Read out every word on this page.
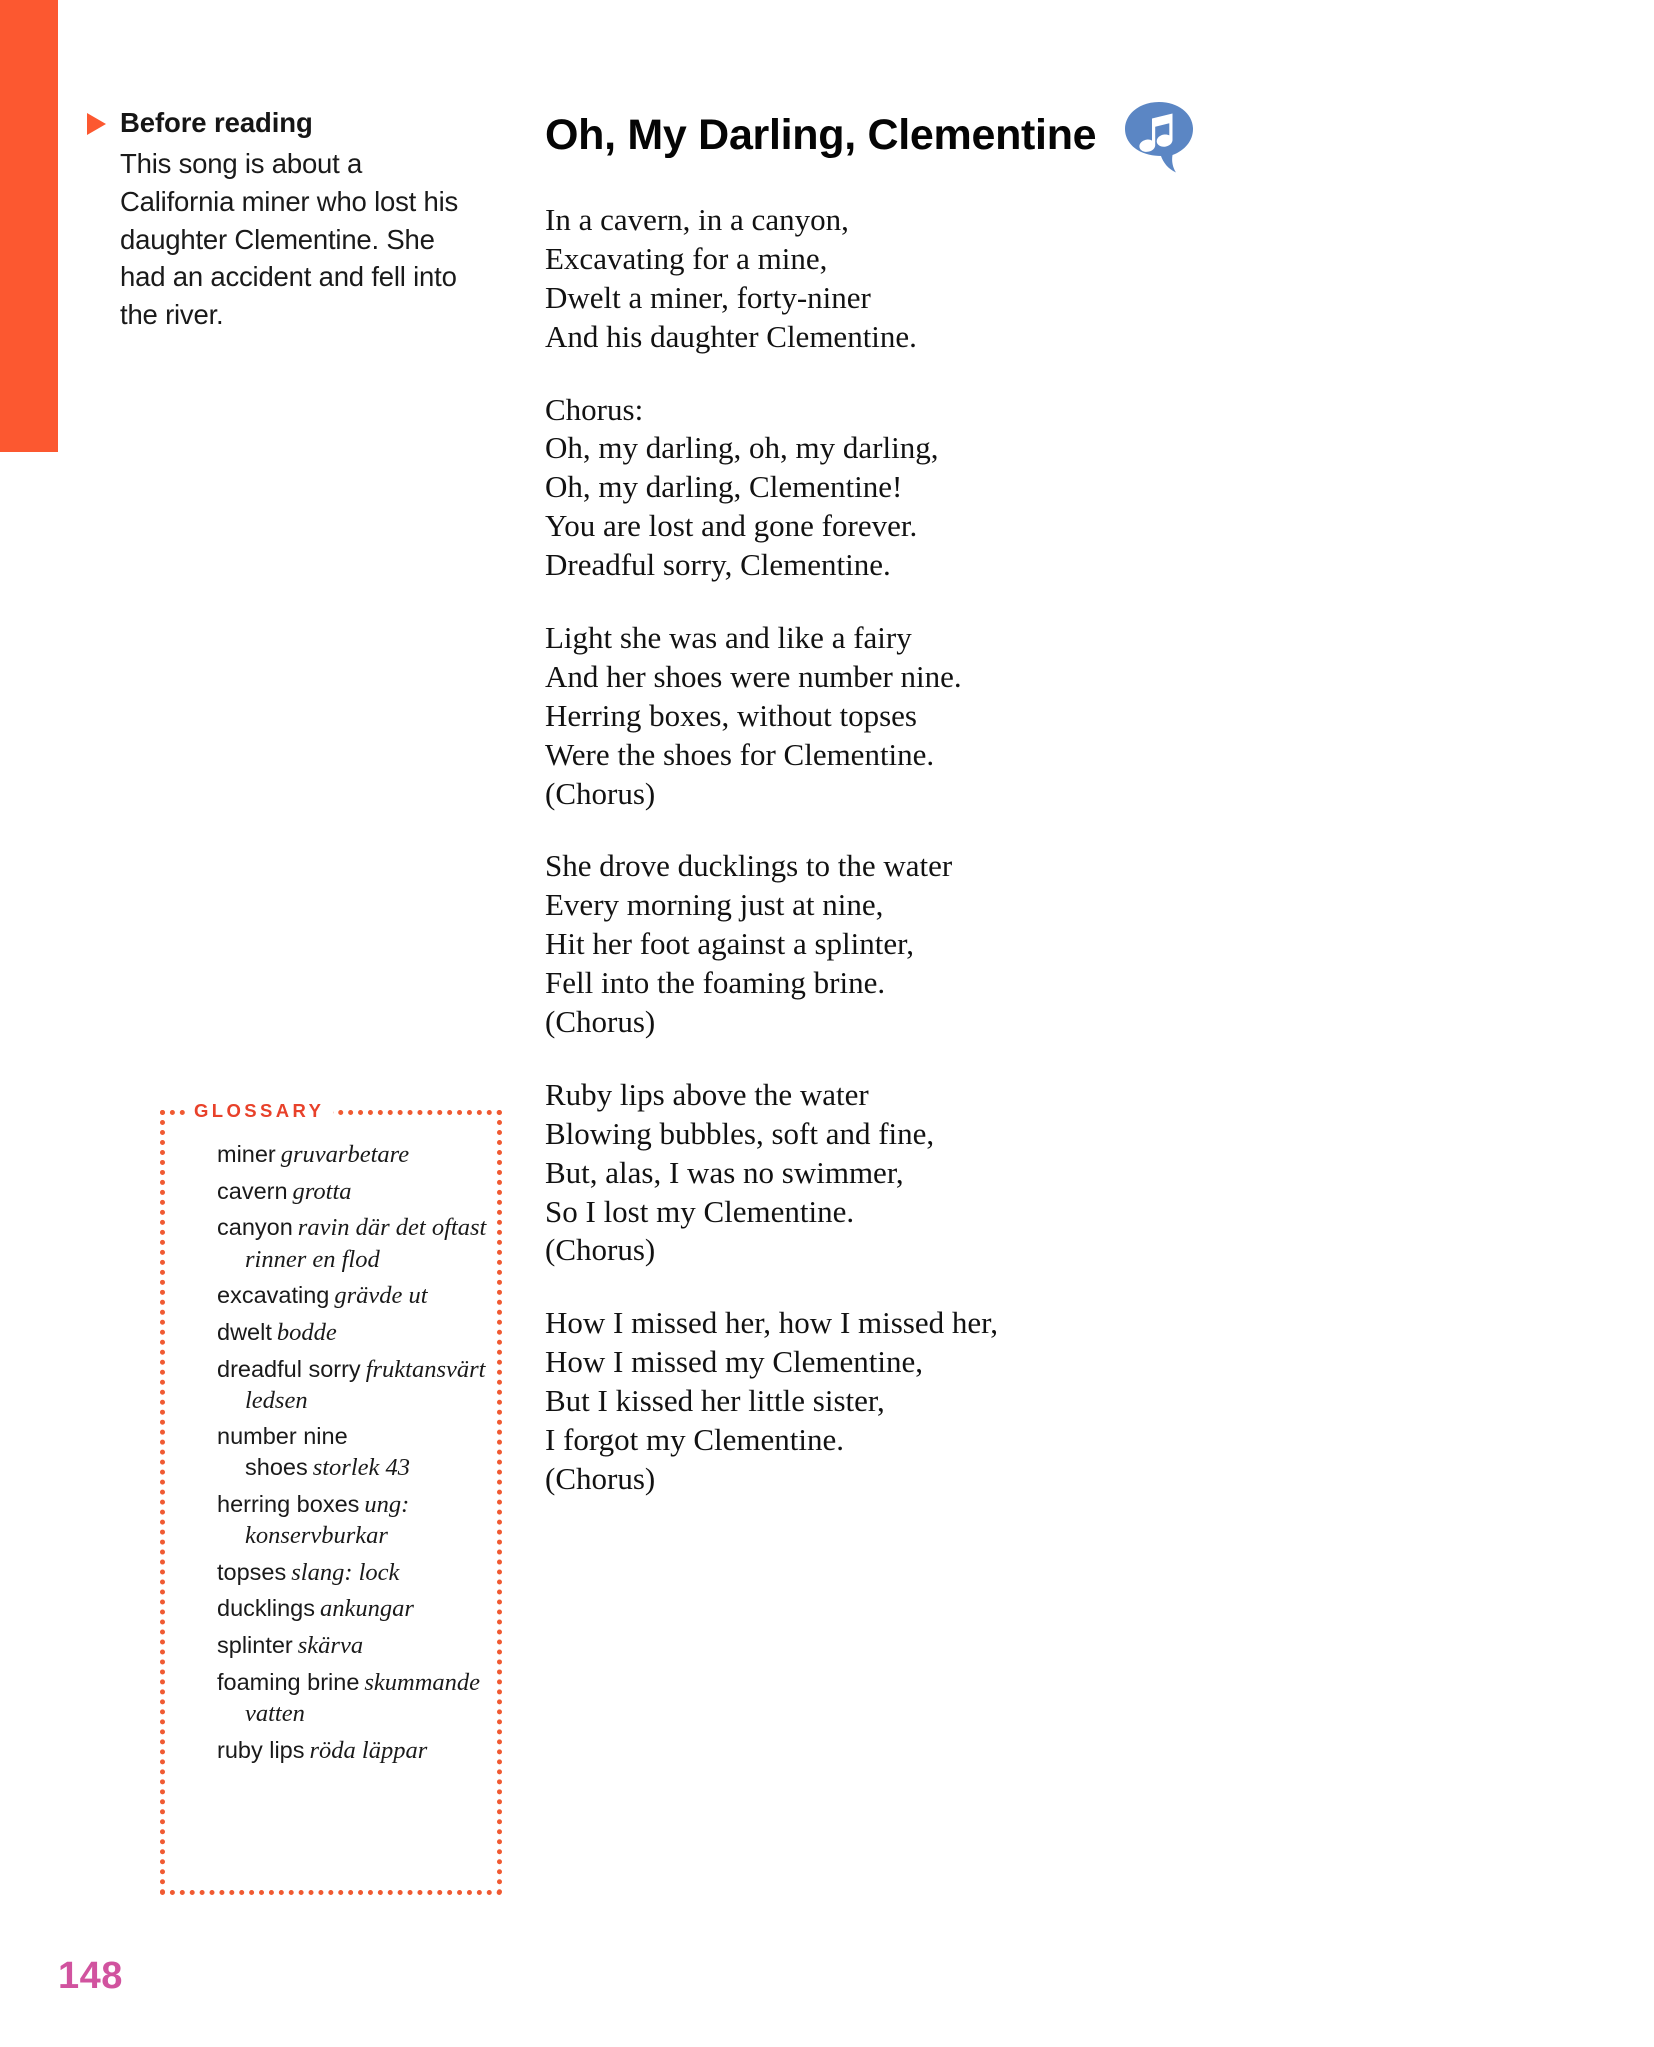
Before reading
This song is about a California miner who lost his daughter Clementine. She had an accident and fell into the river.
GLOSSARY
miner gruvarbetare
cavern grotta
canyon ravin där det oftast rinner en flod
excavating grävde ut
dwelt bodde
dreadful sorry fruktansvärt ledsen
number nine shoes storlek 43
herring boxes ung: konservburkar
topses slang: lock
ducklings ankungar
splinter skärva
foaming brine skummande vatten
ruby lips röda läppar
Oh, My Darling, Clementine
In a cavern, in a canyon,
Excavating for a mine,
Dwelt a miner, forty-niner
And his daughter Clementine.
Chorus:
Oh, my darling, oh, my darling,
Oh, my darling, Clementine!
You are lost and gone forever.
Dreadful sorry, Clementine.
Light she was and like a fairy
And her shoes were number nine.
Herring boxes, without topses
Were the shoes for Clementine.
(Chorus)
She drove ducklings to the water
Every morning just at nine,
Hit her foot against a splinter,
Fell into the foaming brine.
(Chorus)
Ruby lips above the water
Blowing bubbles, soft and fine,
But, alas, I was no swimmer,
So I lost my Clementine.
(Chorus)
How I missed her, how I missed her,
How I missed my Clementine,
But I kissed her little sister,
I forgot my Clementine.
(Chorus)
148
